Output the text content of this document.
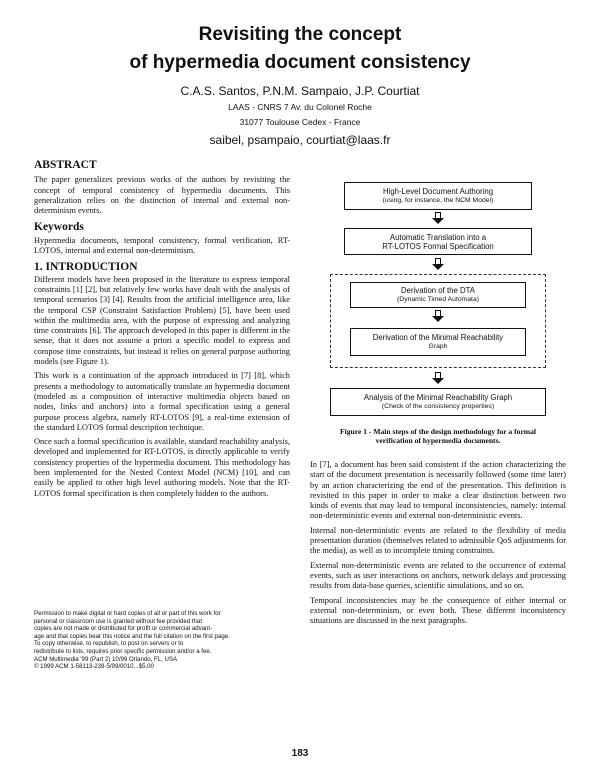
Revisiting the concept
of hypermedia document consistency
C.A.S. Santos, P.N.M. Sampaio, J.P. Courtiat
LAAS - CNRS 7 Av. du Colonel Roche
31077 Toulouse Cedex - France
saibel, psampaio, courtiat@laas.fr
ABSTRACT

The paper generalizes previous works of the authors by revisiting the concept of temporal consistency of hypermedia documents. This generalization relies on the distinction of internal and external non-determinism events.

Keywords

Hypermedia documents, temporal consistency, formal verification, RT-LOTOS, internal and external non-determinism.

1. INTRODUCTION

Different models have been proposed in the literature to express temporal constraints [1] [2], but relatively few works have dealt with the analysis of temporal scenarios [3] [4]. Results from the artificial intelligence area, like the temporal CSP (Constraint Satisfaction Problem) [5], have been used within the multimedia area, with the purpose of expressing and analyzing time constraints [6]. The approach developed in this paper is different in the sense, that it does not assume a priori a specific model to express and compose time constraints, but instead it relies on general purpose authoring models (see Figure 1).

This work is a continuation of the approach introduced in [7] [8], which presents a methodology to automatically translate an hypermedia document (modeled as a composition of interactive multimedia objects based on nodes, links and anchors) into a formal specification using a general purpose process algebra, namely RT-LOTOS [9], a real-time extension of the standard LOTOS formal description technique.

Once such a formal specification is available, standard reachability analysis, developed and implemented for RT-LOTOS, is directly applicable to verify consistency properties of the hypermedia document. This methodology has been implemented for the Nested Context Model (NCM) [10], and can easily be applied to other high level authoring models. Note that the RT-LOTOS formal specification is then completely hidden to the authors.

Permission to make digital or hard copies of all or part of this work for
personal or classroom use is granted without fee provided that
copies are not made or distributed for profit or commercial advant-
age and that copies bear this notice and the full citation on the first page.
To copy otherwise, to republish, to post on servers or to
redistribute to lists, requires prior specific permission and/or a fee.
ACM Multimedia '99 (Part 2) 10/99 Orlando, FL, USA
© 1999 ACM 1-58113-239-5/99/0010...$5.00
High-Level Document Authoring
(using, for instance, the NCM Model)
Automatic Translation into a
RT-LOTOS Formal Specification
Derivation of the DTA
(Dynamic Timed Automata)
Derivation of the Minimal Reachability
Graph
Analysis of the Minimal Reachability Graph
(Check of the consistency properties)
Figure 1 - Main steps of the design methodology for a formal
verification of hypermedia documents.

In [7], a document has been said consistent if the action characterizing the start of the document presentation is necessarily followed (some time later) by an action characterizing the end of the presentation. This definition is revisited in this paper in order to make a clear distinction between two kinds of events that may lead to temporal inconsistencies, namely: internal non-deterministic events and external non-deterministic events.

Internal non-deterministic events are related to the flexibility of media presentation duration (themselves related to admissible QoS adjustments for the media), as well as to incomplete timing constraints.

External non-deterministic events are related to the occurrence of external events, such as user interactions on anchors, network delays and processing results from data-base queries, scientific simulations, and so on.

Temporal inconsistencies may be the consequence of either internal or external non-determinism, or even both. These different inconsistency situations are discussed in the next paragraphs.

183
